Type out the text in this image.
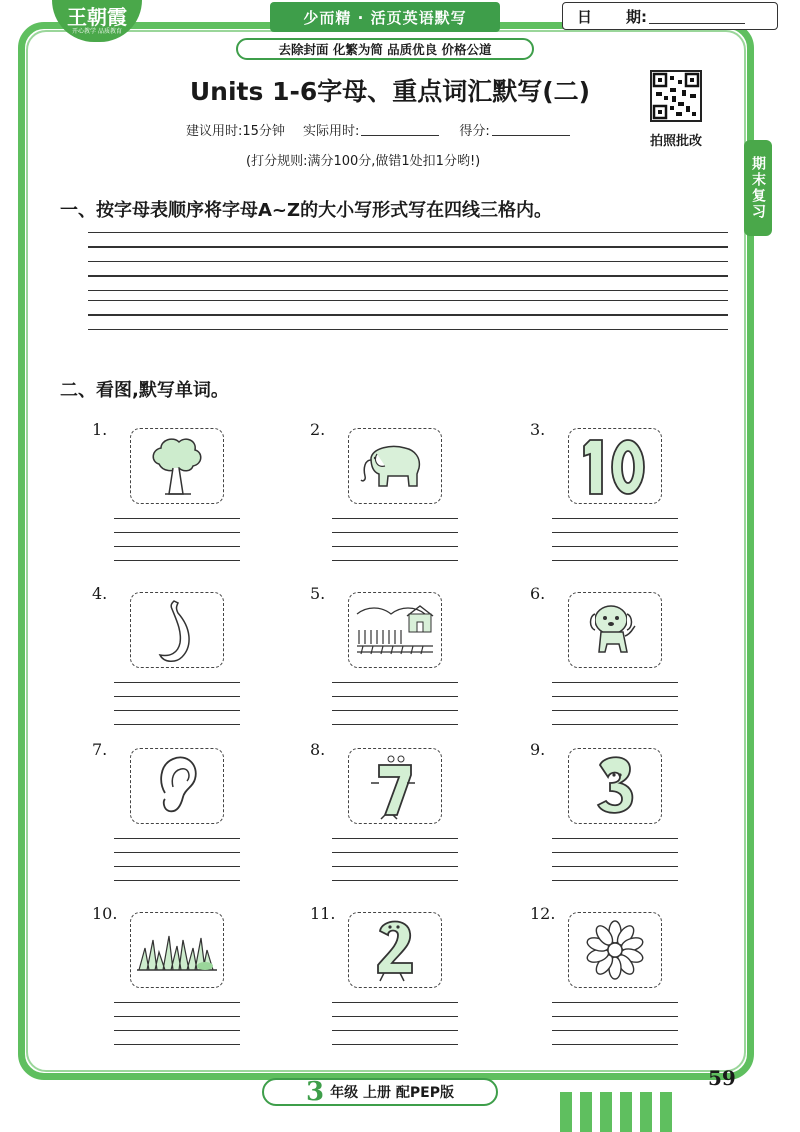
王朝霞
开心教学 品质教育
少而精 · 活页英语默写
去除封面 化繁为简 品质优良 价格公道
日 期:
Units 1-6字母、重点词汇默写(二)
拍照批改
建议用时:15分钟 实际用时:	得分:
(打分规则:满分100分,做错1处扣1分哟!)	期末复习
一、按字母表顺序将字母A~Z的大小写形式写在四线三格内。
二、看图,默写单词。
1.	2.	3.
4.	5.	6.
7.	8.	9.
10.	11.	12.
3 年级 上册 配PEP版
59
